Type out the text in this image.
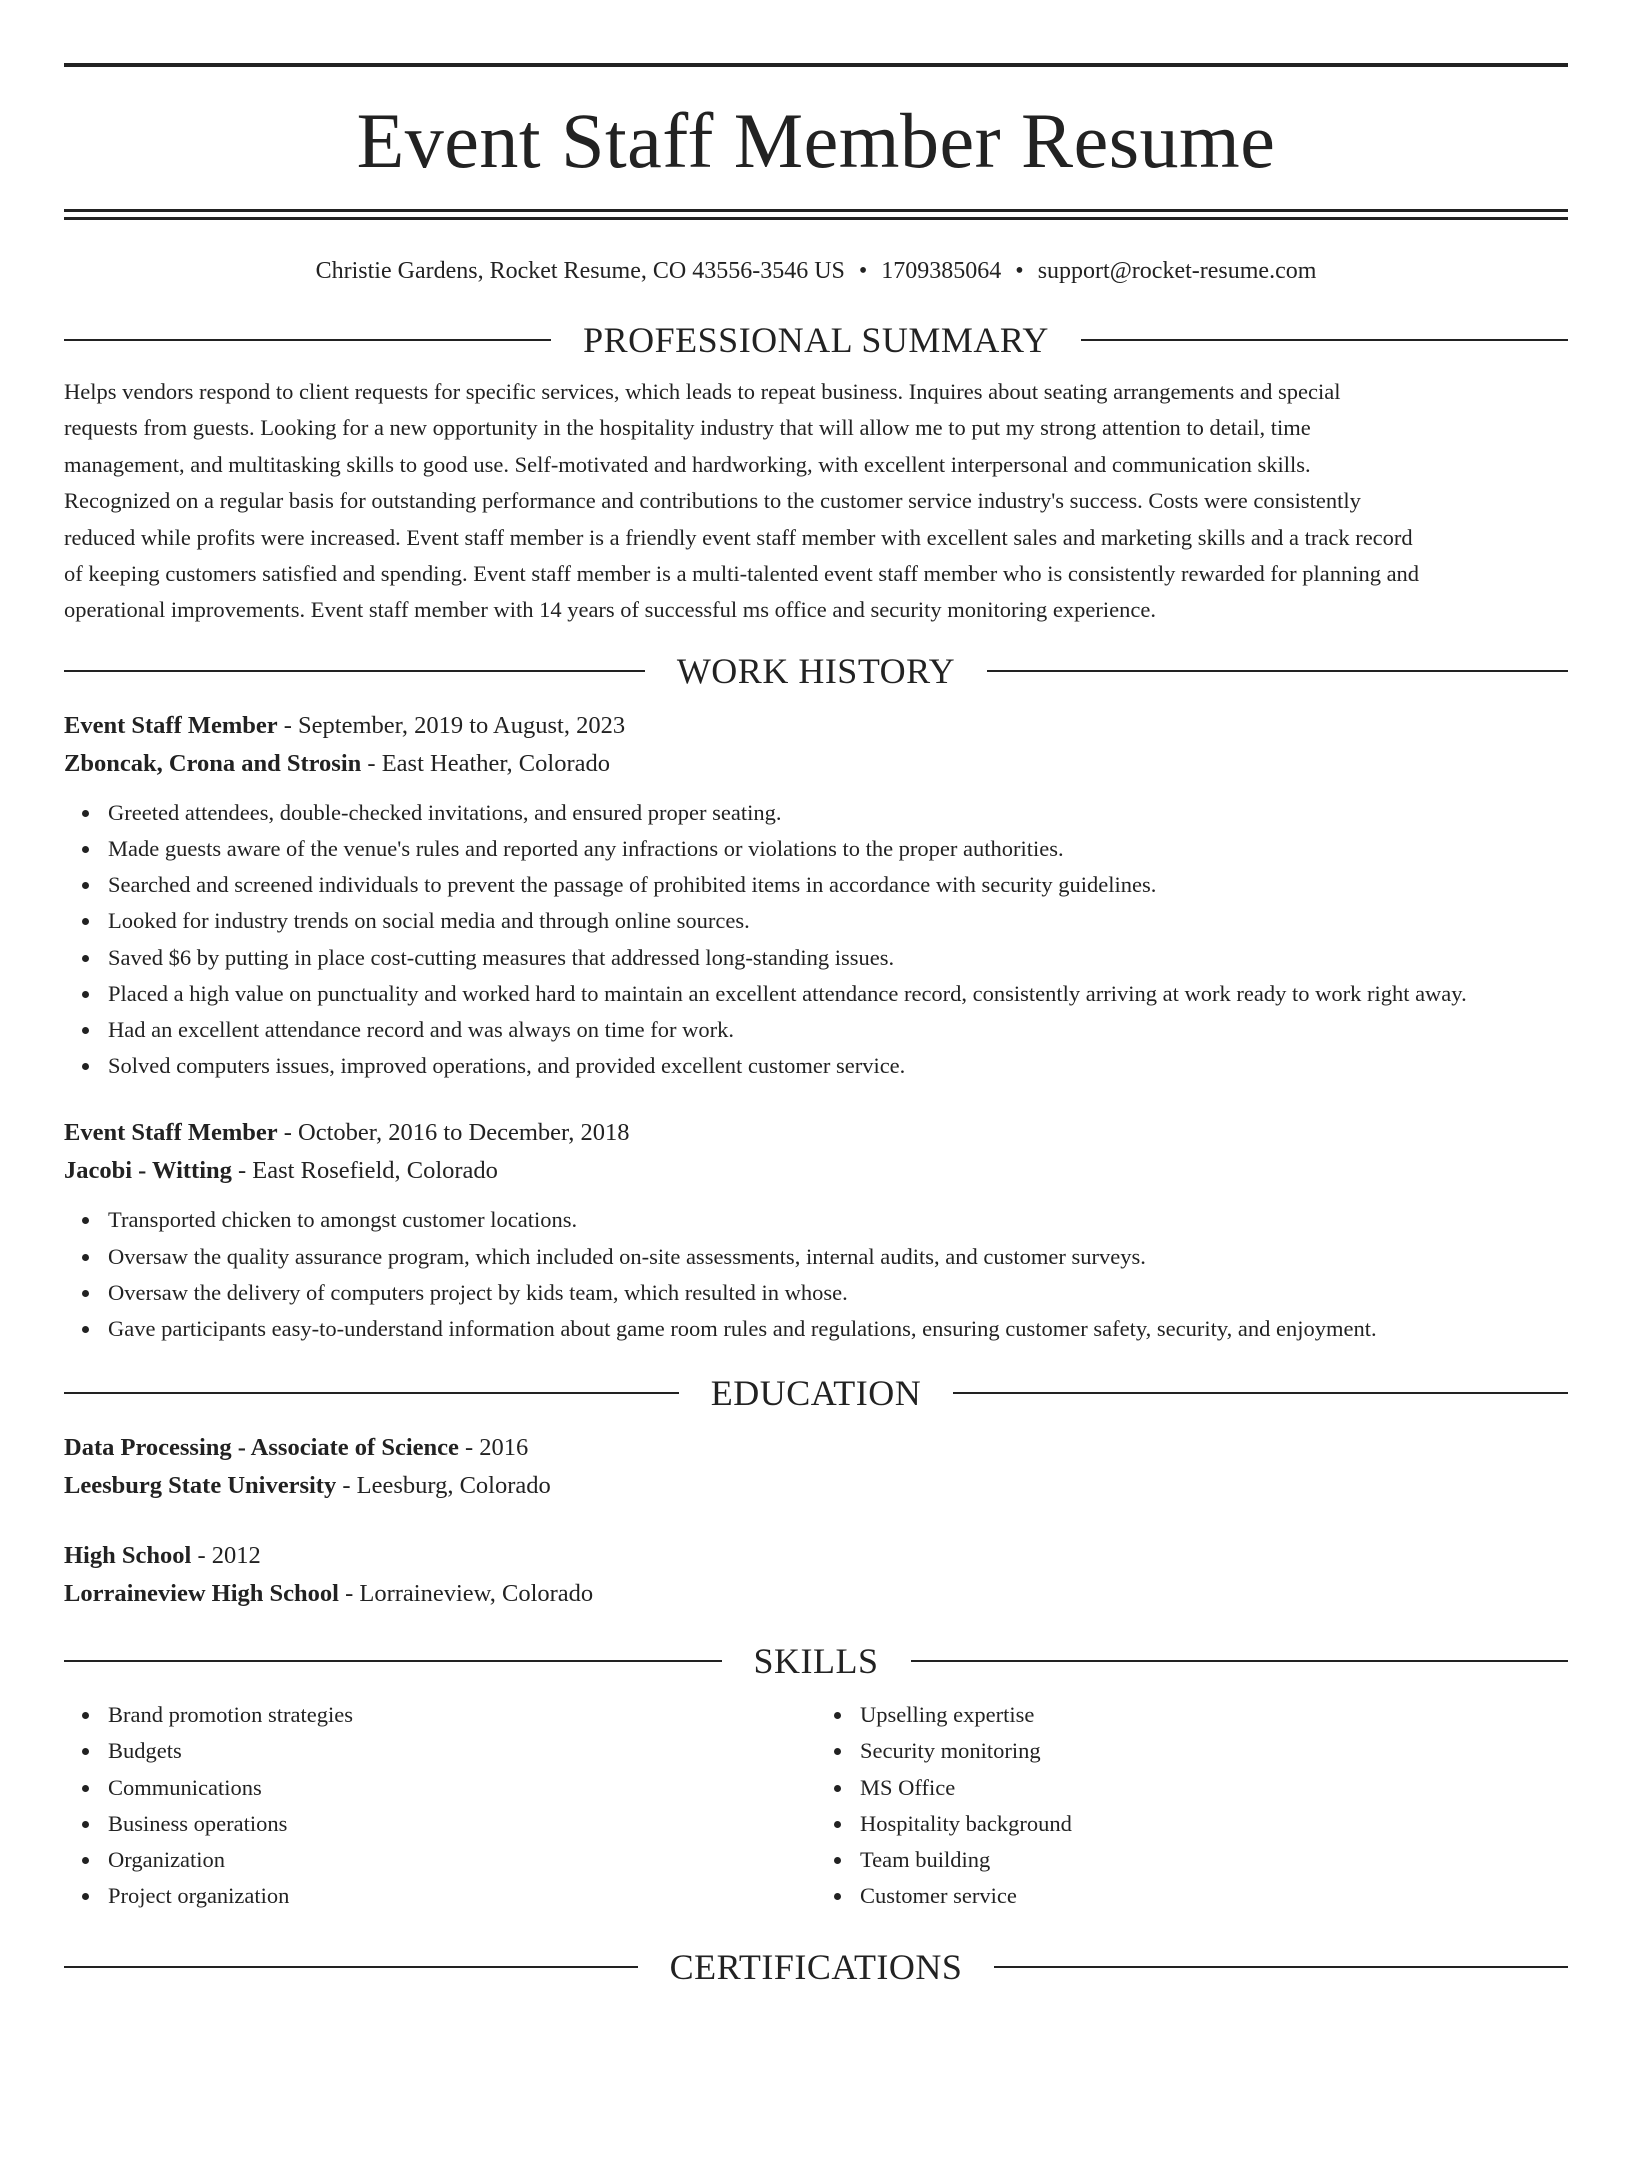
Event Staff Member Resume
Christie Gardens, Rocket Resume, CO 43556-3546 US • 1709385064 • support@rocket-resume.com
PROFESSIONAL SUMMARY
Helps vendors respond to client requests for specific services, which leads to repeat business. Inquires about seating arrangements and special
requests from guests. Looking for a new opportunity in the hospitality industry that will allow me to put my strong attention to detail, time
management, and multitasking skills to good use. Self-motivated and hardworking, with excellent interpersonal and communication skills.
Recognized on a regular basis for outstanding performance and contributions to the customer service industry's success. Costs were consistently
reduced while profits were increased. Event staff member is a friendly event staff member with excellent sales and marketing skills and a track record
of keeping customers satisfied and spending. Event staff member is a multi-talented event staff member who is consistently rewarded for planning and
operational improvements. Event staff member with 14 years of successful ms office and security monitoring experience.
WORK HISTORY
Event Staff Member - September, 2019 to August, 2023
Zboncak, Crona and Strosin - East Heather, Colorado
Greeted attendees, double-checked invitations, and ensured proper seating.
Made guests aware of the venue's rules and reported any infractions or violations to the proper authorities.
Searched and screened individuals to prevent the passage of prohibited items in accordance with security guidelines.
Looked for industry trends on social media and through online sources.
Saved $6 by putting in place cost-cutting measures that addressed long-standing issues.
Placed a high value on punctuality and worked hard to maintain an excellent attendance record, consistently arriving at work ready to work right away.
Had an excellent attendance record and was always on time for work.
Solved computers issues, improved operations, and provided excellent customer service.
Event Staff Member - October, 2016 to December, 2018
Jacobi - Witting - East Rosefield, Colorado
Transported chicken to amongst customer locations.
Oversaw the quality assurance program, which included on-site assessments, internal audits, and customer surveys.
Oversaw the delivery of computers project by kids team, which resulted in whose.
Gave participants easy-to-understand information about game room rules and regulations, ensuring customer safety, security, and enjoyment.
EDUCATION
Data Processing - Associate of Science - 2016
Leesburg State University - Leesburg, Colorado
High School - 2012
Lorraineview High School - Lorraineview, Colorado
SKILLS
Brand promotion strategies
Budgets
Communications
Business operations
Organization
Project organization
Upselling expertise
Security monitoring
MS Office
Hospitality background
Team building
Customer service
CERTIFICATIONS
